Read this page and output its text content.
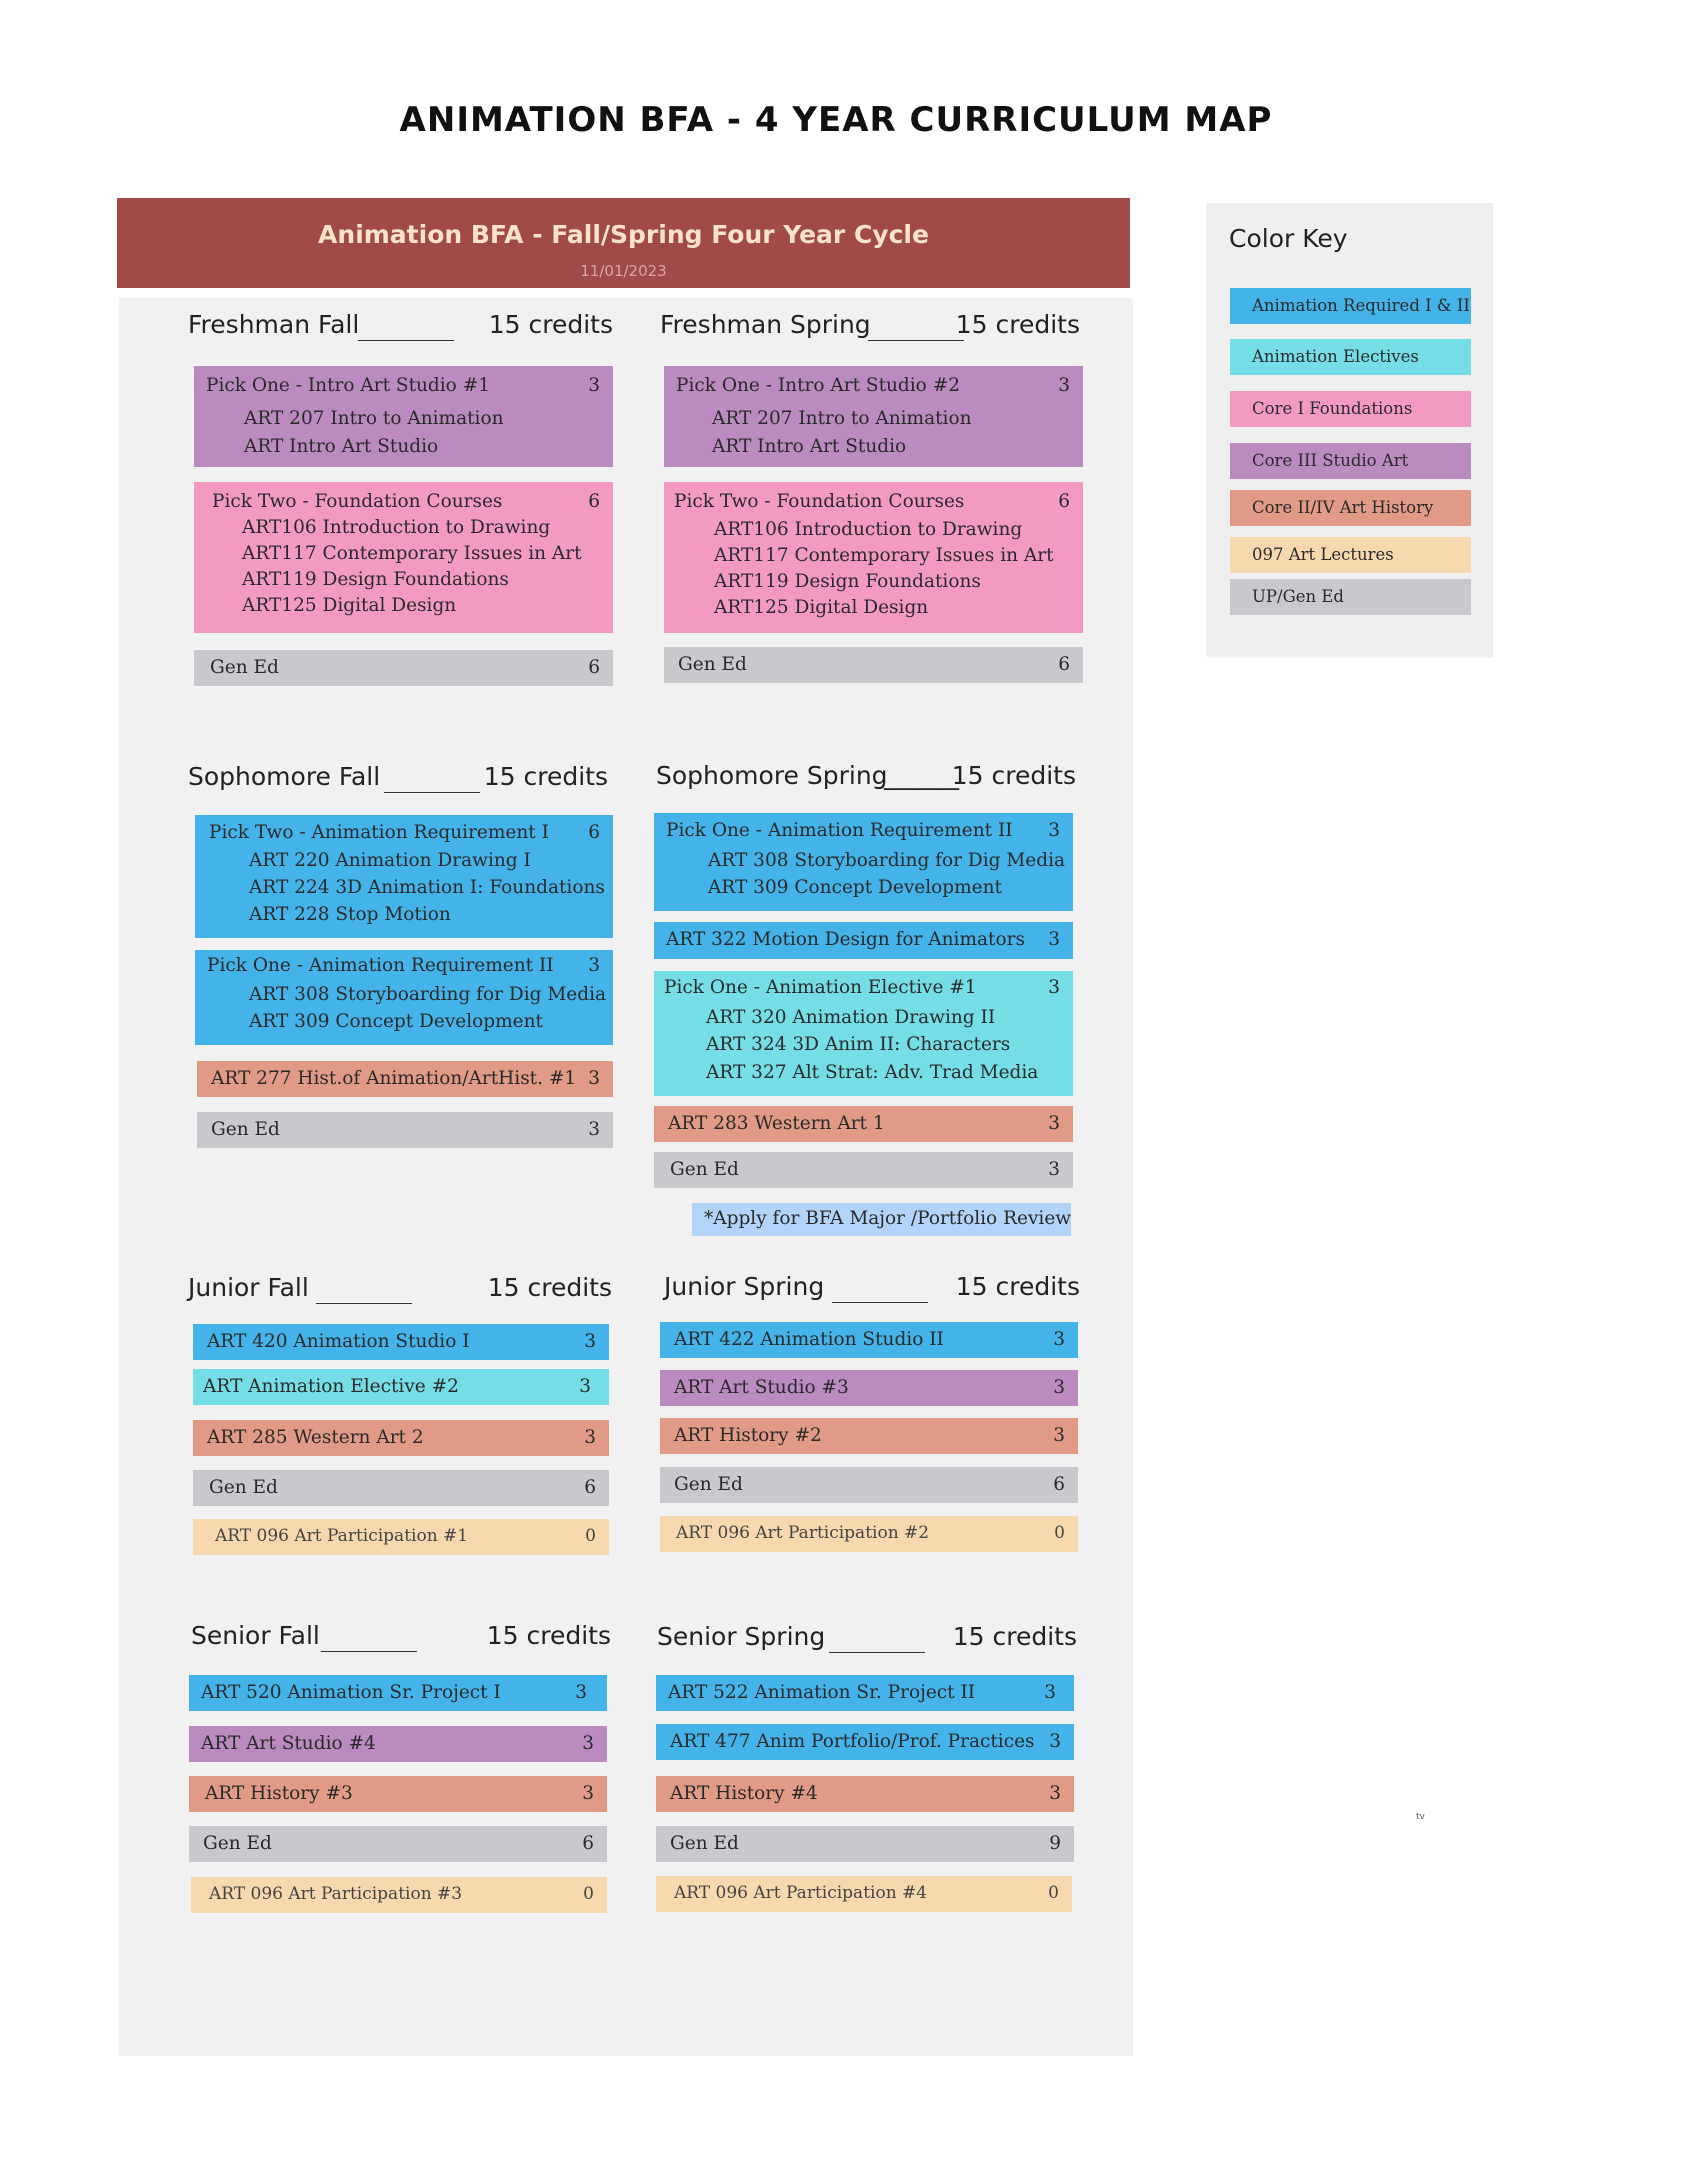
ANIMATION BFA - 4 YEAR CURRICULUM MAP
Animation BFA - Fall/Spring Four Year Cycle
11/01/2023
Freshman Fall	15 credits
Pick One - Intro Art Studio #1	3
ART 207 Intro to Animation
ART Intro Art Studio
Pick Two - Foundation Courses	6
ART106 Introduction to Drawing
ART117 Contemporary Issues in Art
ART119 Design Foundations
ART125 Digital Design
Gen Ed	6
Freshman Spring	15 credits
Pick One - Intro Art Studio #2	3
ART 207 Intro to Animation
ART Intro Art Studio
Pick Two - Foundation Courses	6
ART106 Introduction to Drawing
ART117 Contemporary Issues in Art
ART119 Design Foundations
ART125 Digital Design
Gen Ed	6
Sophomore Fall	15 credits
Pick Two - Animation Requirement I 6
ART 220 Animation Drawing I
ART 224 3D Animation I: Foundations
ART 228 Stop Motion
Pick One - Animation Requirement II 3
ART 308 Storyboarding for Dig Media
ART 309 Concept Development
ART 277 Hist.of Animation/ArtHist. #1 3
Gen Ed	3
Sophomore Spring	15 credits
______
Pick One - Animation Requirement II 3
ART 308 Storyboarding for Dig Media
ART 309 Concept Development
ART 322 Motion Design for Animators 3
Pick One - Animation Elective #1	3
ART 320 Animation Drawing II
ART 324 3D Anim II: Characters
ART 327 Alt Strat: Adv. Trad Media
ART 283 Western Art 1	3
Gen Ed	3
*Apply for BFA Major /Portfolio Review
Junior Fall	15 credits
ART 420 Animation Studio I	3
ART Animation Elective #2	3
ART 285 Western Art 2	3
Gen Ed	6
ART 096 Art Participation #1	0
Junior Spring	15 credits
ART 422 Animation Studio II	3
ART Art Studio #3	3
ART History #2	3
Gen Ed	6
ART 096 Art Participation #2	0
Senior Fall	15 credits
ART 520 Animation Sr. Project I	3
ART Art Studio #4	3
ART History #3	3
Gen Ed	6
ART 096 Art Participation #3	0
Senior Spring	15 credits
ART 522 Animation Sr. Project II	3
ART 477 Anim Portfolio/Prof. Practices 3
ART History #4	3
Gen Ed	9
ART 096 Art Participation #4	0
Color Key
Animation Required I & II
Animation Electives
Core I Foundations
Core III Studio Art
Core II/IV Art History
097 Art Lectures
UP/Gen Ed
tv
